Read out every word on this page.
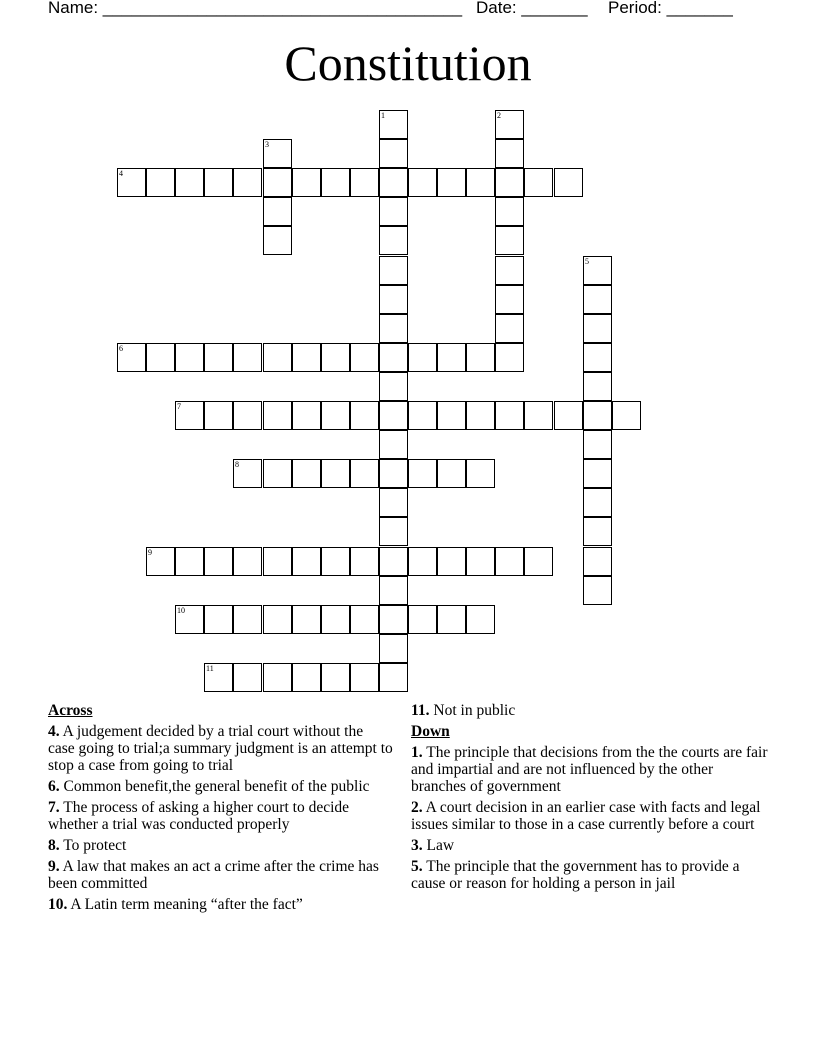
Name: ______________________________________ Date: _______ Period: _______
Constitution
4
6
7
8
9
10
11
1	2
3
5
Across
4. A judgement decided by a trial court without the case going to trial;a summary judgment is an attempt to stop a case from going to trial
6. Common benefit,the general benefit of the public
7. The process of asking a higher court to decide whether a trial was conducted properly
8. To protect
9. A law that makes an act a crime after the crime has been committed
10. A Latin term meaning “after the fact”
11. Not in public
Down
1. The principle that decisions from the the courts are fair and impartial and are not influenced by the other branches of government
2. A court decision in an earlier case with facts and legal issues similar to those in a case currently before a court
3. Law
5. The principle that the government has to provide a cause or reason for holding a person in jail
